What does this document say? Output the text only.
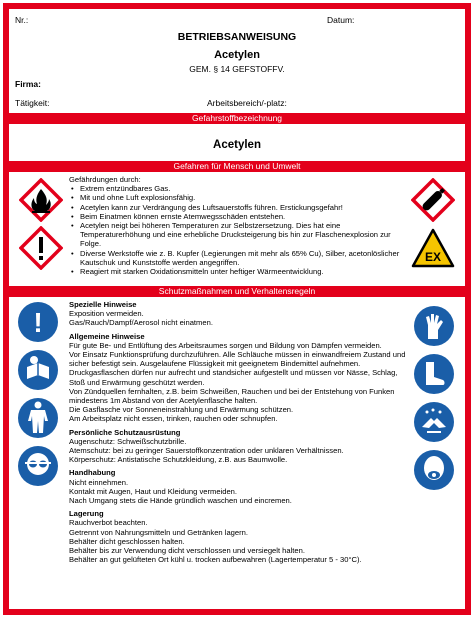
Nr.:	Datum:
BETRIEBSANWEISUNG
Acetylen
GEM. § 14 GEFSTOFFV.
Firma:
Tätigkeit:	Arbeitsbereich/-platz:
Gefahrstoffbezeichnung
Acetylen
Gefahren für Mensch und Umwelt
Gefährdungen durch:
• Extrem entzündbares Gas.
• Mit und ohne Luft explosionsfähig.
• Acetylen kann zur Verdrängung des Luftsauerstoffs führen. Erstickungsgefahr!
• Beim Einatmen können ernste Atemwegsschäden entstehen.
• Acetylen neigt bei höheren Temperaturen zur Selbstzersetzung. Dies hat eine Temperaturerhöhung und eine erhebliche Drucksteigerung bis hin zur Flaschenexplosion zur Folge.
• Diverse Werkstoffe wie z. B. Kupfer (Legierungen mit mehr als 65% Cu), Silber, acetonlöslicher Kautschuk und Kunststoffe werden angegriffen.
• Reagiert mit starken Oxidationsmitteln unter heftiger Wärmeentwicklung.
EX
Schutzmaßnahmen und Verhaltensregeln
!
Spezielle Hinweise
Exposition vermeiden.
Gas/Rauch/Dampf/Aerosol nicht einatmen.
Allgemeine Hinweise
Für gute Be- und Entlüftung des Arbeitsraumes sorgen und Bildung von Dämpfen vermeiden.
Vor Einsatz Funktionsprüfung durchzuführen. Alle Schläuche müssen in einwandfreiem Zustand und sicher befestigt sein. Ausgelaufene Flüssigkeit mit geeignetem Bindemittel aufnehmen.
Druckgasflaschen dürfen nur aufrecht und standsicher aufgestellt und müssen vor Nässe, Schlag, Stoß und Erwärmung geschützt werden.
Von Zündquellen fernhalten, z.B. beim Schweißen, Rauchen und bei der Entstehung von Funken mindestens 1m Abstand von der Acetylenflasche halten.
Die Gasflasche vor Sonneneinstrahlung und Erwärmung schützen.
Am Arbeitsplatz nicht essen, trinken, rauchen oder schnupfen.
Persönliche Schutzausrüstung
Augenschutz: Schweißschutzbrille.
Atemschutz: bei zu geringer Sauerstoffkonzentration oder unklaren Verhältnissen.
Körperschutz: Antistatische Schutzkleidung, z.B. aus Baumwolle.
Handhabung
Nicht einnehmen.
Kontakt mit Augen, Haut und Kleidung vermeiden.
Nach Umgang stets die Hände gründlich waschen und eincremen.
Lagerung
Rauchverbot beachten.
Getrennt von Nahrungsmitteln und Getränken lagern.
Behälter dicht geschlossen halten.
Behälter bis zur Verwendung dicht verschlossen und versiegelt halten.
Behälter an gut gelüfteten Ort kühl u. trocken aufbewahren (Lagertemperatur 5 - 30°C).
